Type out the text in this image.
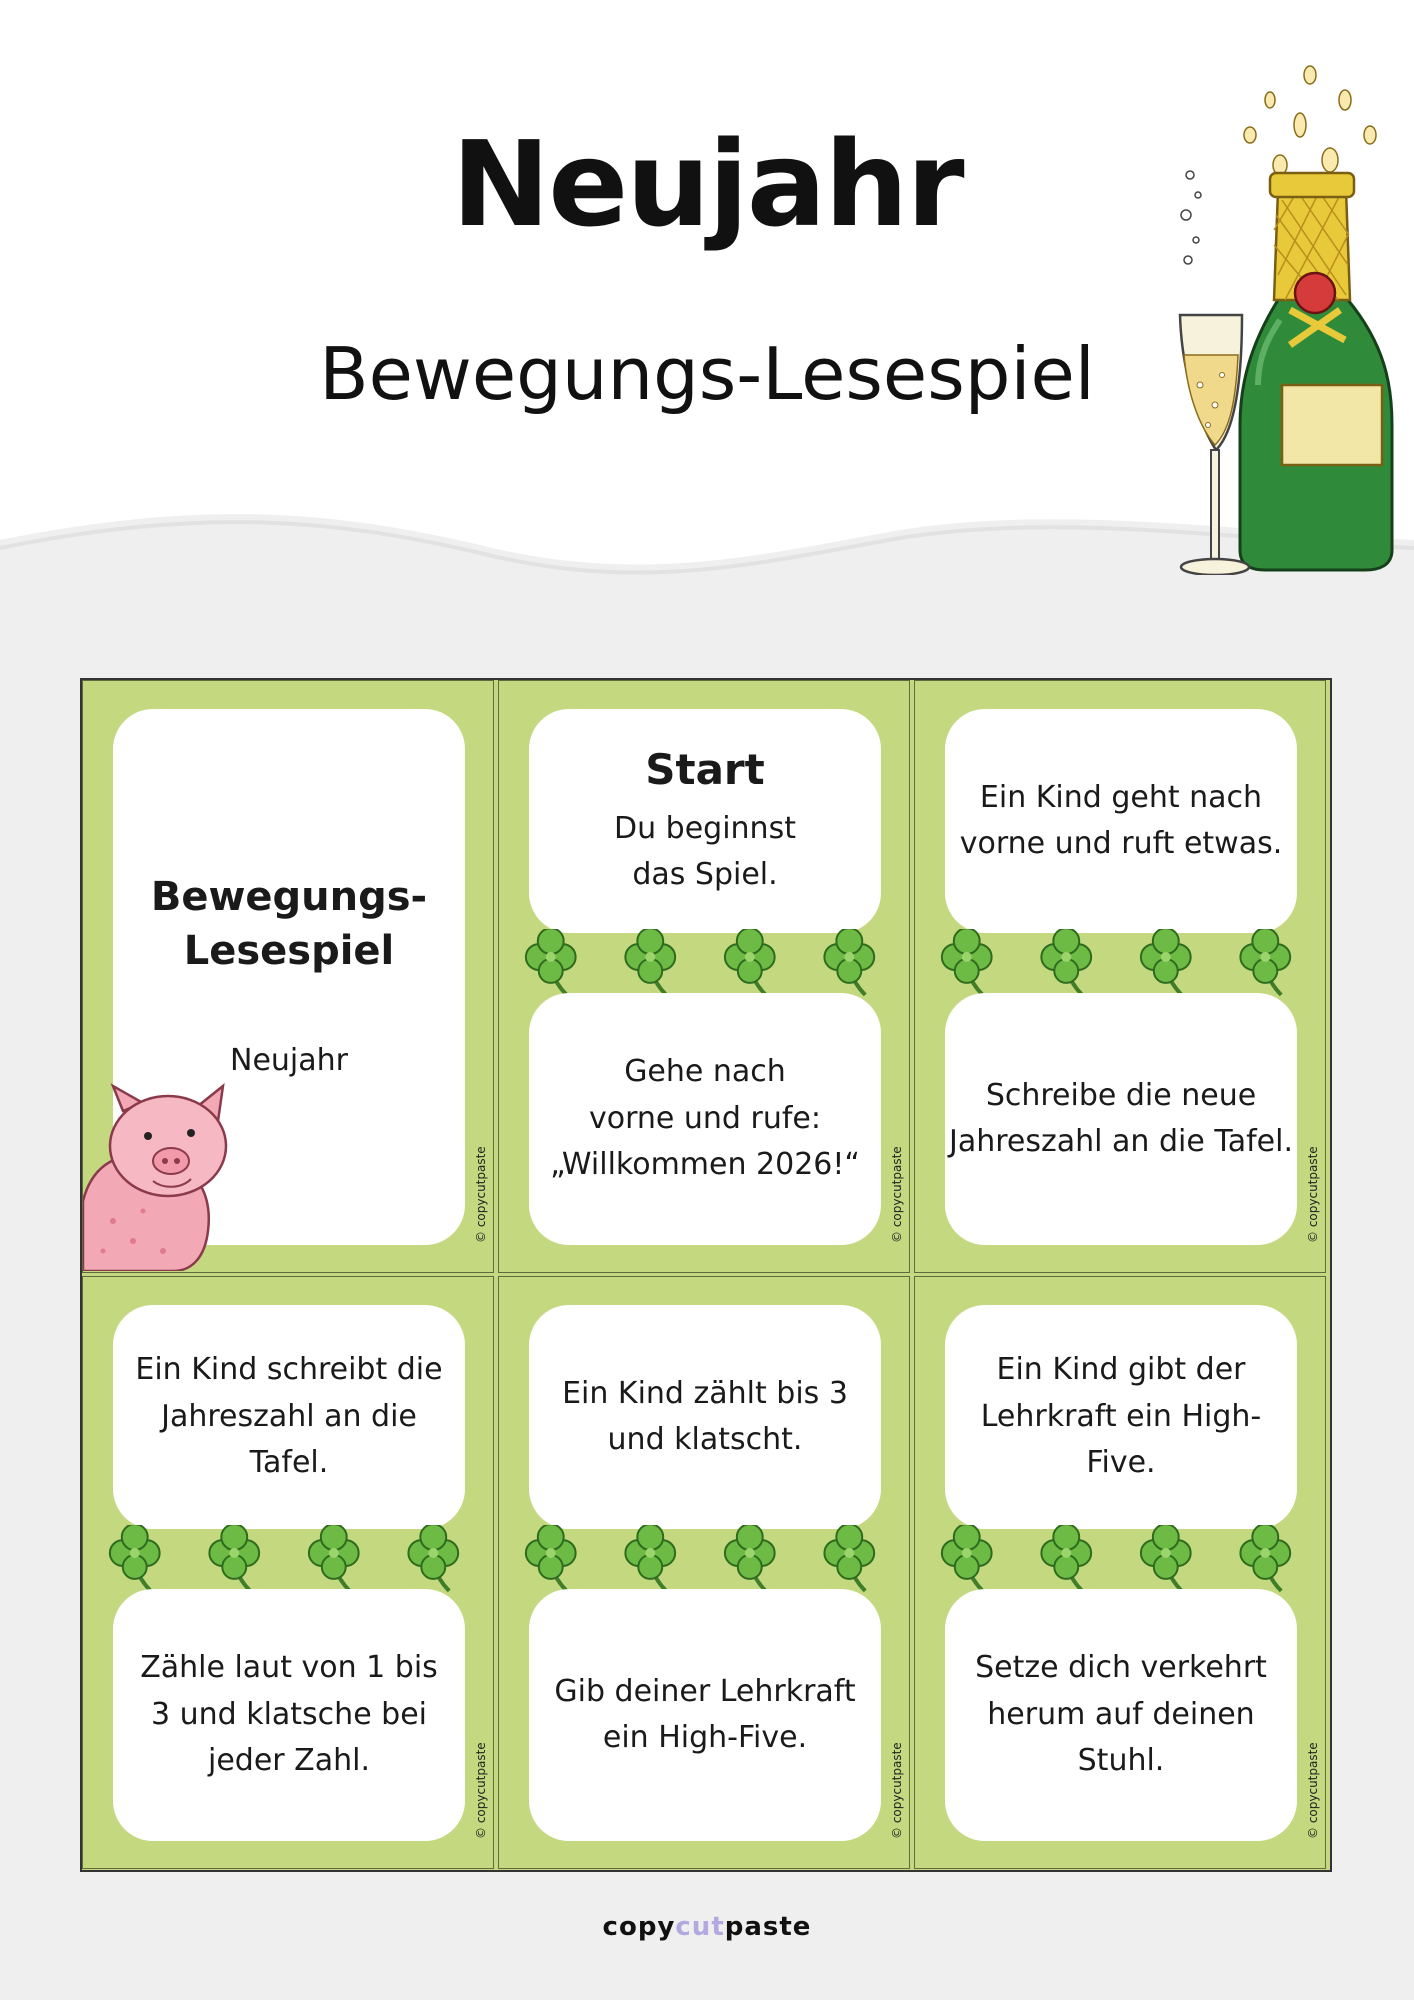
Neujahr
Bewegungs-Lesespiel
Bewegungs-
Lesespiel
Neujahr
© copycutpaste
Start
Du beginnst
das Spiel.
Gehe nach
vorne und rufe:
„Willkommen 2026!“	© copycutpaste
Ein Kind geht nach
vorne und ruft etwas.
Schreibe die neue
Jahreszahl an die Tafel.
© copycutpaste
Ein Kind schreibt die
Jahreszahl an die
Tafel.
Zähle laut von 1 bis
3 und klatsche bei
jeder Zahl.	© copycutpaste
Ein Kind zählt bis 3
und klatscht.
Gib deiner Lehrkraft
ein High-Five.
© copycutpaste
Ein Kind gibt der
Lehrkraft ein High-
Five.
Setze dich verkehrt
herum auf deinen
Stuhl.	© copycutpaste
copycutpaste
